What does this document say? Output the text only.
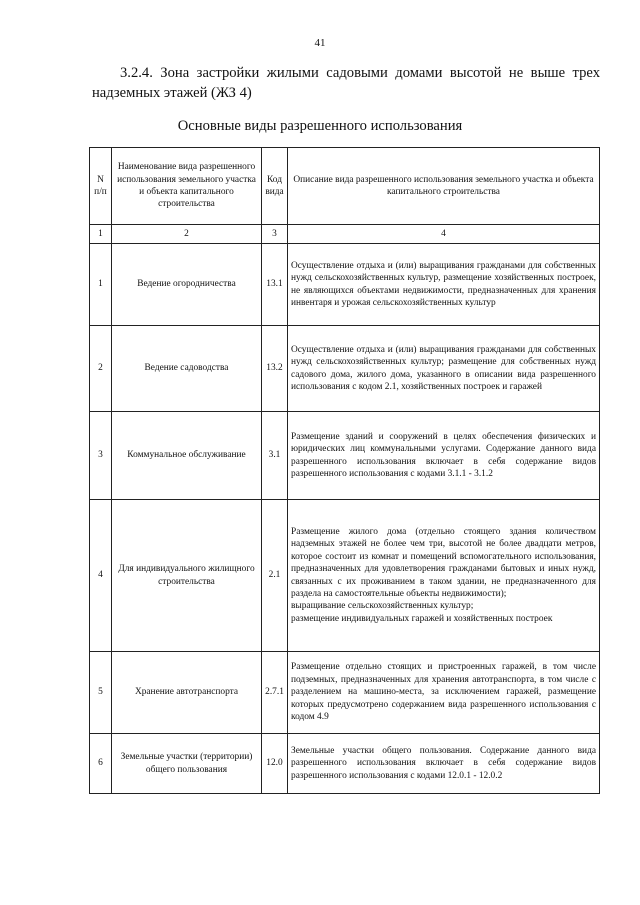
41
3.2.4. Зона застройки жилыми садовыми домами высотой не выше трех надземных этажей (ЖЗ 4)
Основные виды разрешенного использования
N п/п	Наименование вида разрешенного использования земельного участка и объекта капитального строительства	Код вида	Описание вида разрешенного использования земельного участка и объекта капитального строительства
1	2	3	4
1	Ведение огородничества	13.1	Осуществление отдыха и (или) выращивания гражданами для собственных нужд сельскохозяйственных культур, размещение хозяйственных построек, не являющихся объектами недвижимости, предназначенных для хранения инвентаря и урожая сельскохозяйственных культур

2	Ведение садоводства	13.2	Осуществление отдыха и (или) выращивания гражданами для собственных нужд сельскохозяйственных культур; размещение для собственных нужд садового дома, жилого дома, указанного в описании вида разрешенного использования с кодом 2.1, хозяйственных построек и гаражей

3	Коммунальное обслуживание	3.1	Размещение зданий и сооружений в целях обеспечения физических и юридических лиц коммунальными услугами. Содержание данного вида разрешенного использования включает в себя содержание видов разрешенного использования с кодами 3.1.1 - 3.1.2

4	Для индивидуального жилищного строительства	2.1	Размещение жилого дома (отдельно стоящего здания количеством надземных этажей не более чем три, высотой не более двадцати метров, которое состоит из комнат и помещений вспомогательного использования, предназначенных для удовлетворения гражданами бытовых и иных нужд, связанных с их проживанием в таком здании, не предназначенного для раздела на самостоятельные объекты недвижимости);
выращивание сельскохозяйственных культур;
размещение индивидуальных гаражей и хозяйственных построек

5	Хранение автотранспорта	2.7.1	Размещение отдельно стоящих и пристроенных гаражей, в том числе подземных, предназначенных для хранения автотранспорта, в том числе с разделением на машино-места, за исключением гаражей, размещение которых предусмотрено содержанием вида разрешенного использования с кодом 4.9

6	Земельные участки (территории) общего пользования	12.0	Земельные участки общего пользования. Содержание данного вида разрешенного использования включает в себя содержание видов разрешенного использования с кодами 12.0.1 - 12.0.2
